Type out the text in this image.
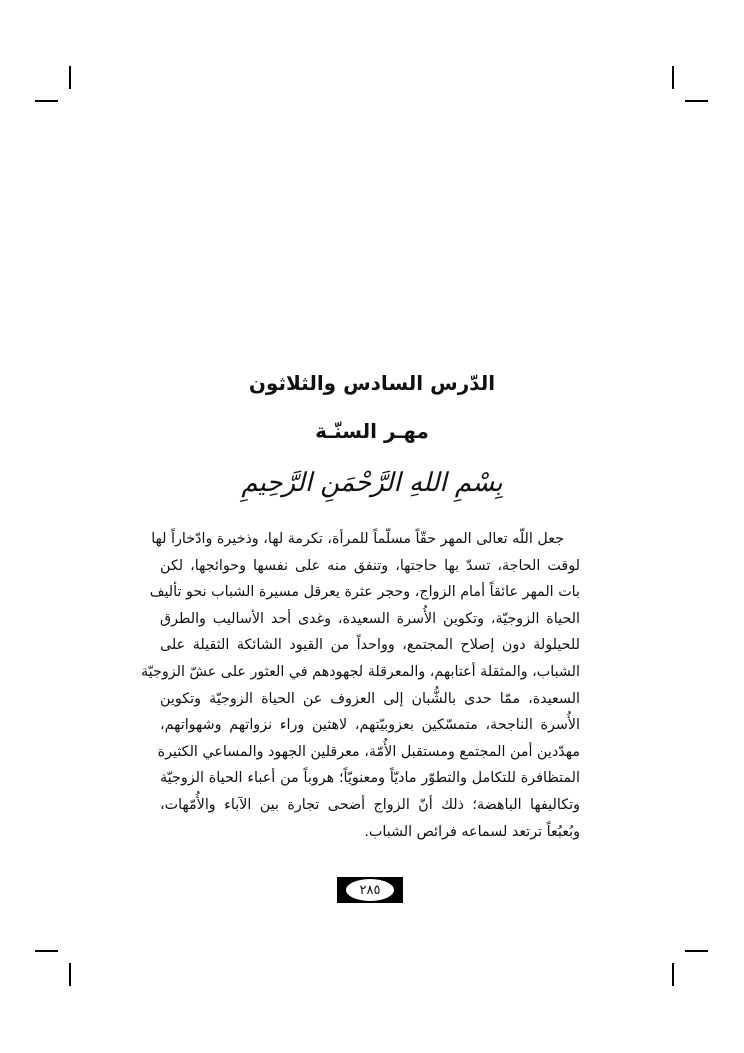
الدّرس السادس والثلاثون
مهـر السنّـة
بِسْمِ اللهِ الرَّحْمَنِ الرَّحِيمِ
جعل اللّه تعالى المهر حقّاً مسلّماً للمرأة، تكرمة لها، وذخيرة وادّخاراً لها
لوقت الحاجة، تسدّ بها حاجتها، وتنفق منه على نفسها وحوائجها، لكن
بات المهر عائقاً أمام الزواج، وحجر عثرة يعرقل مسيرة الشباب نحو تأليف
الحياة الزوجيّة، وتكوين الأُسرة السعيدة، وغدى أحد الأساليب والطرق
للحيلولة دون إصلاح المجتمع، وواحداً من القيود الشائكة الثقيلة على
الشباب، والمثقلة أعتابهم، والمعرقلة لجهودهم في العثور على عشّ الزوجيّة
السعيدة، ممّا حدى بالشُّبان إلى العزوف عن الحياة الزوجيّة وتكوين
الأُسرة الناجحة، متمسّكين بعزوبيّتهم، لاهثين وراء نزواتهم وشهواتهم،
مهدّدين أمن المجتمع ومستقبل الأُمّة، معرقلين الجهود والمساعي الكثيرة
المتظافرة للتكامل والتطوّر ماديّاً ومعنويّاً؛ هروباً من أعباء الحياة الزوجيّة
وتكاليفها الباهضة؛ ذلك أنّ الزواج أضحى تجارة بين الآباء والأُمّهات،
وبُعبُعاً ترتعد لسماعه فرائص الشباب.
٢٨٥
